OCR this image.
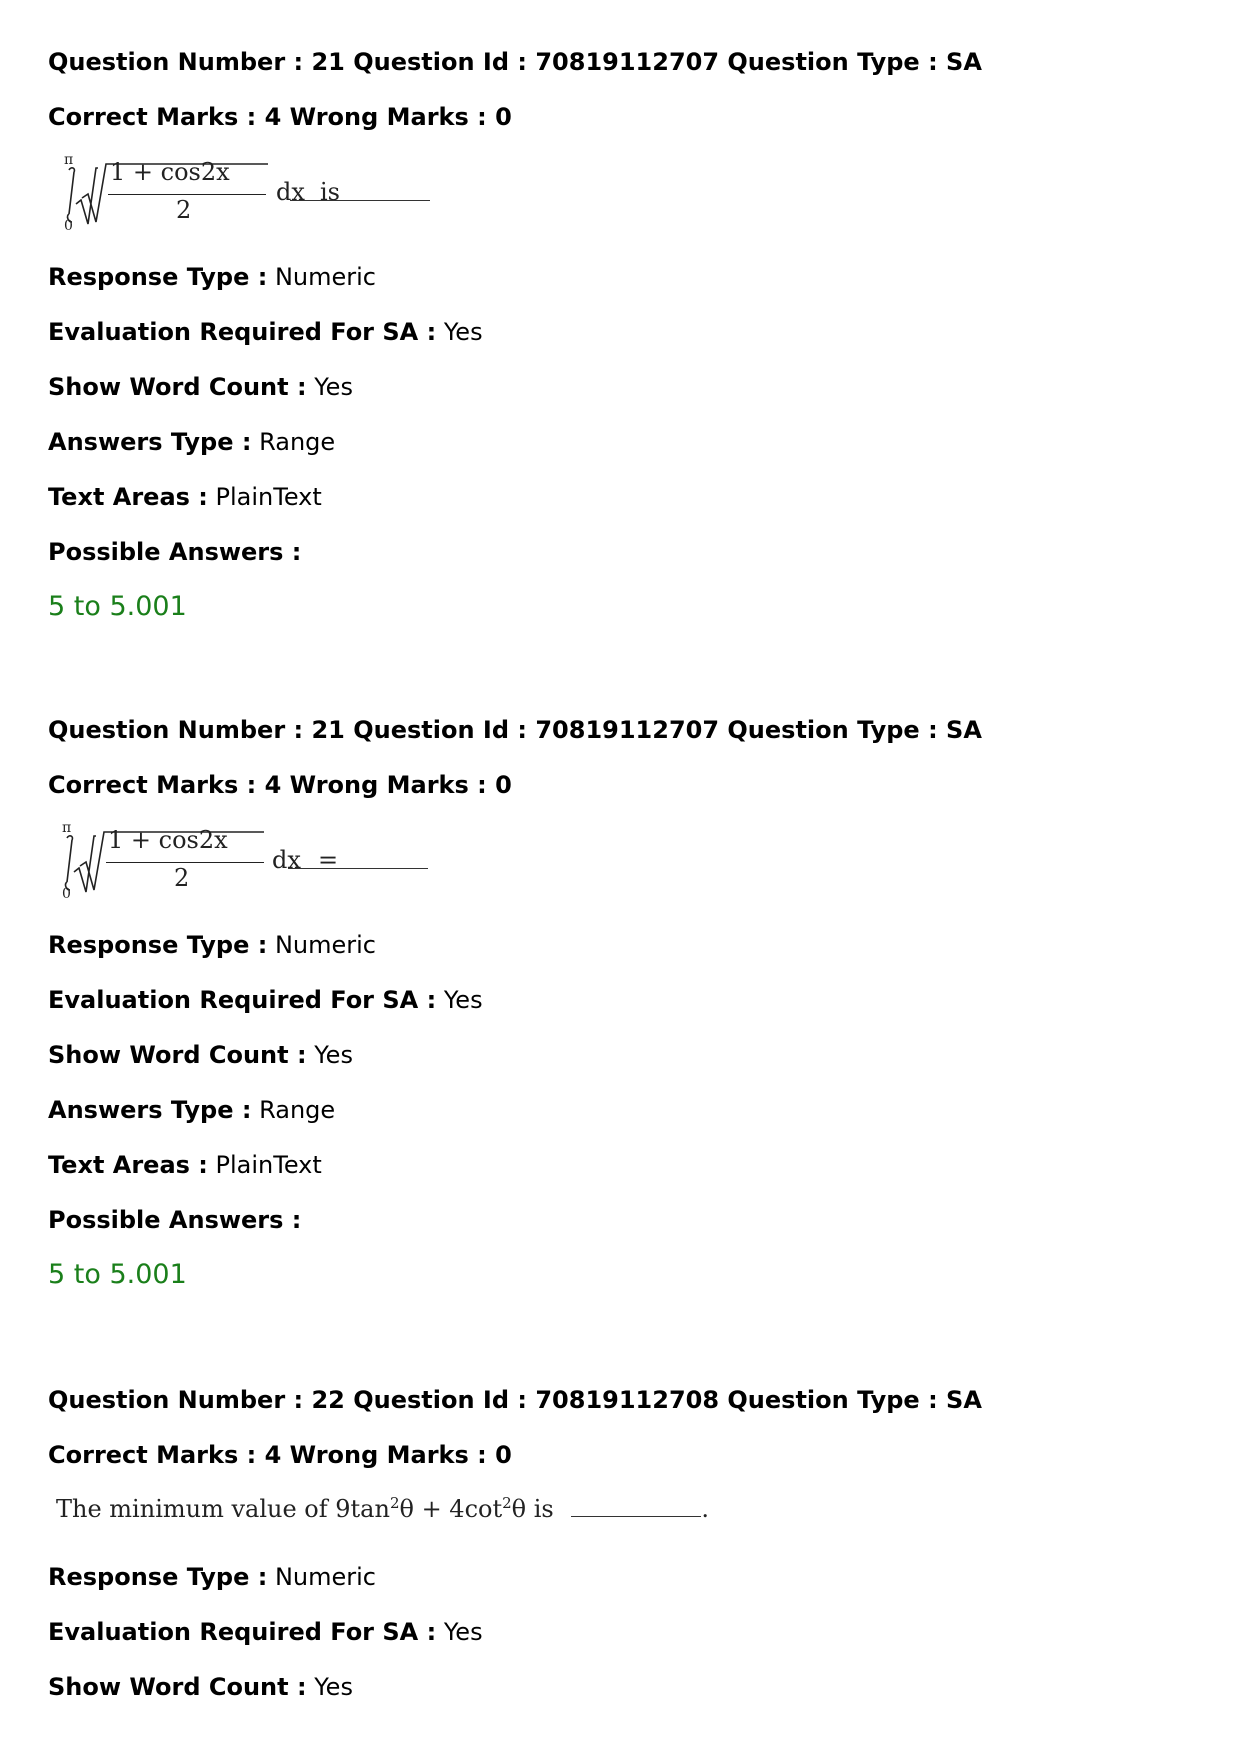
Question Number : 21 Question Id : 70819112707 Question Type : SA
Correct Marks : 4 Wrong Marks : 0
π
0
1 + cos2x
2
dx is
Response Type : Numeric
Evaluation Required For SA : Yes
Show Word Count : Yes
Answers Type : Range
Text Areas : PlainText
Possible Answers :
5 to 5.001
Question Number : 21 Question Id : 70819112707 Question Type : SA
Correct Marks : 4 Wrong Marks : 0
π
0
1 + cos2x
2
dx =
Response Type : Numeric
Evaluation Required For SA : Yes
Show Word Count : Yes
Answers Type : Range
Text Areas : PlainText
Possible Answers :
5 to 5.001
Question Number : 22 Question Id : 70819112708 Question Type : SA
Correct Marks : 4 Wrong Marks : 0
The minimum value of $9\tan^2\theta + 4\cot^2\theta$ is	.
Response Type : Numeric
Evaluation Required For SA : Yes
Show Word Count : Yes
